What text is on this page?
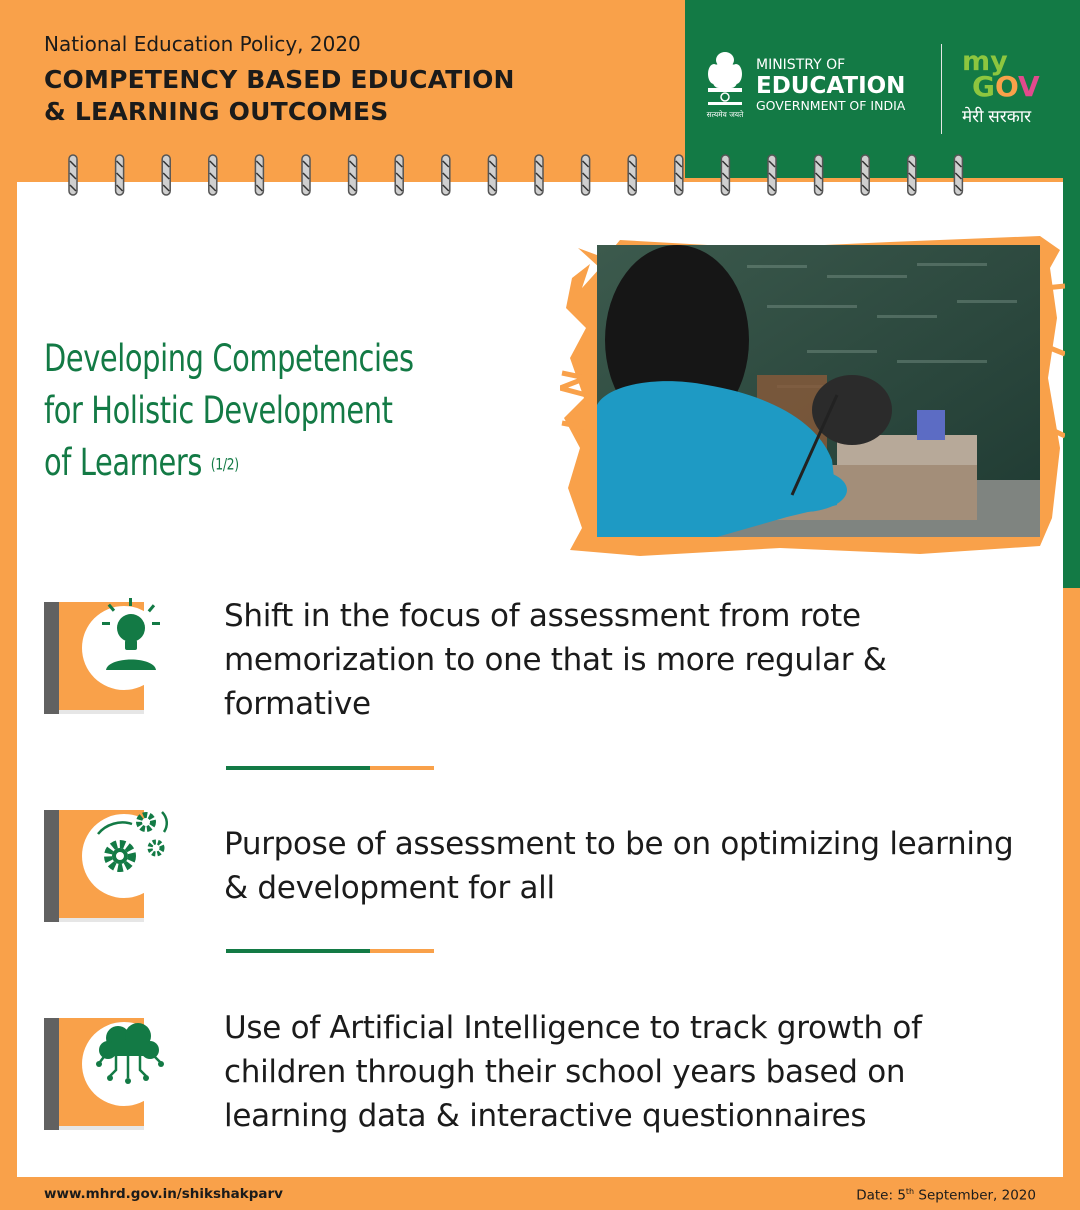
National Education Policy, 2020
COMPETENCY BASED EDUCATION
& LEARNING OUTCOMES	सत्यमेव जयते
MINISTRY OF
EDUCATION
GOVERNMENT OF INDIA
my
GOV
मेरी सरकार
Developing Competencies
for Holistic Development
of Learners (1/2)
Shift in the focus of assessment from rote memorization to one that is more regular & formative
Purpose of assessment to be on optimizing learning & development for all
Use of Artificial Intelligence to track growth of children through their school years based on learning data & interactive questionnaires
www.mhrd.gov.in/shikshakparv	Date: 5th September, 2020
